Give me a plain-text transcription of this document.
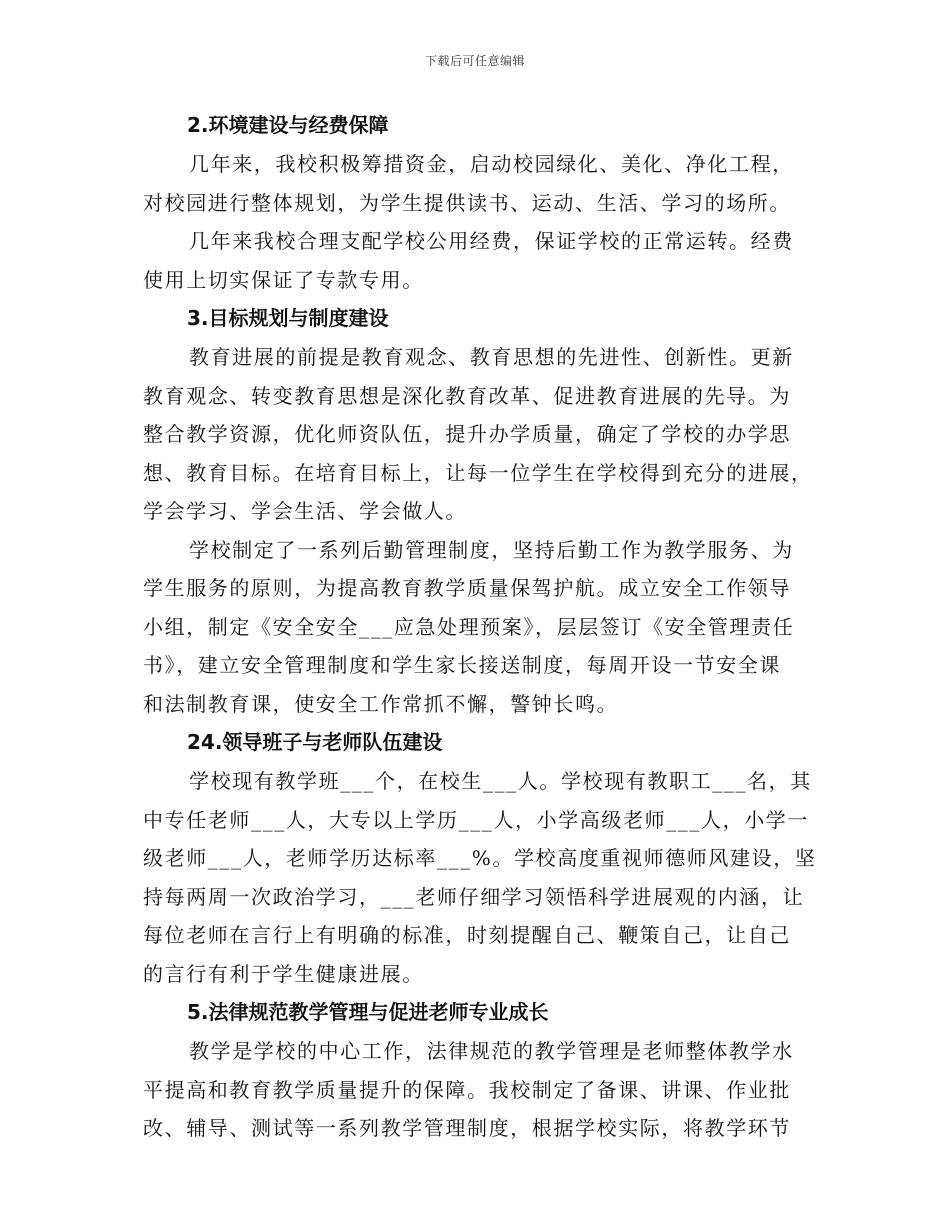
下载后可任意编辑
2.环境建设与经费保障

几年来，我校积极筹措资金，启动校园绿化、美化、净化工程，
对校园进行整体规划，为学生提供读书、运动、生活、学习的场所。

几年来我校合理支配学校公用经费，保证学校的正常运转。经费
使用上切实保证了专款专用。

3.目标规划与制度建设

教育进展的前提是教育观念、教育思想的先进性、创新性。更新
教育观念、转变教育思想是深化教育改革、促进教育进展的先导。为
整合教学资源，优化师资队伍，提升办学质量，确定了学校的办学思
想、教育目标。在培育目标上，让每一位学生在学校得到充分的进展，
学会学习、学会生活、学会做人。

学校制定了一系列后勤管理制度，坚持后勤工作为教学服务、为
学生服务的原则，为提高教育教学质量保驾护航。成立安全工作领导
小组，制定《安全安全___应急处理预案》，层层签订《安全管理责任
书》，建立安全管理制度和学生家长接送制度，每周开设一节安全课
和法制教育课，使安全工作常抓不懈，警钟长鸣。

24.领导班子与老师队伍建设

学校现有教学班___个，在校生___人。学校现有教职工___名，其
中专任老师___人，大专以上学历___人，小学高级老师___人，小学一
级老师___人，老师学历达标率___%。学校高度重视师德师风建设，坚
持每两周一次政治学习，___老师仔细学习领悟科学进展观的内涵，让
每位老师在言行上有明确的标准，时刻提醒自己、鞭策自己，让自己
的言行有利于学生健康进展。

5.法律规范教学管理与促进老师专业成长

教学是学校的中心工作，法律规范的教学管理是老师整体教学水
平提高和教育教学质量提升的保障。我校制定了备课、讲课、作业批
改、辅导、测试等一系列教学管理制度，根据学校实际，将教学环节
